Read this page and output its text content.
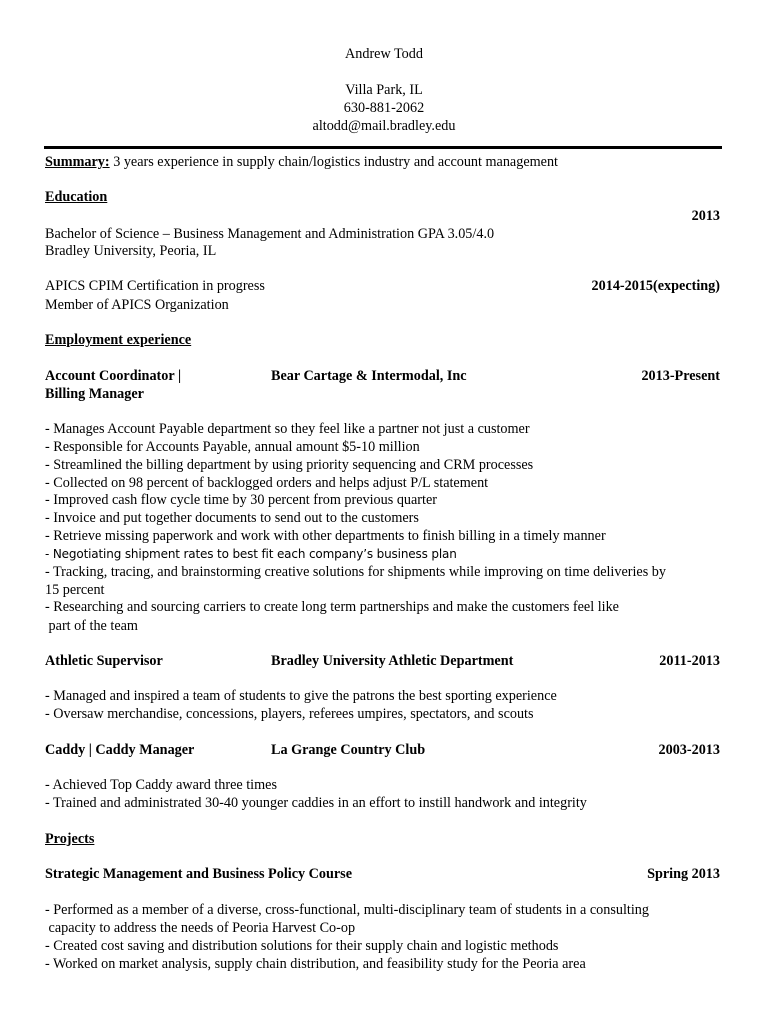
Andrew Todd
Villa Park, IL
630-881-2062
altodd@mail.bradley.edu
Summary: 3 years experience in supply chain/logistics industry and account management
Education
2013
Bachelor of Science – Business Management and Administration GPA 3.05/4.0
Bradley University, Peoria, IL
APICS CPIM Certification in progress	2014-2015(expecting)
Member of APICS Organization
Employment experience
Account Coordinator |	Bear Cartage & Intermodal, Inc	2013-Present
Billing Manager
- Manages Account Payable department so they feel like a partner not just a customer
- Responsible for Accounts Payable, annual amount $5-10 million
- Streamlined the billing department by using priority sequencing and CRM processes
- Collected on 98 percent of backlogged orders and helps adjust P/L statement
- Improved cash flow cycle time by 30 percent from previous quarter
- Invoice and put together documents to send out to the customers
- Retrieve missing paperwork and work with other departments to finish billing in a timely manner
- Negotiating shipment rates to best fit each company’s business plan
- Tracking, tracing, and brainstorming creative solutions for shipments while improving on time deliveries by
15 percent
- Researching and sourcing carriers to create long term partnerships and make the customers feel like
part of the team
Athletic Supervisor	Bradley University Athletic Department	2011-2013
- Managed and inspired a team of students to give the patrons the best sporting experience
- Oversaw merchandise, concessions, players, referees umpires, spectators, and scouts
Caddy | Caddy Manager	La Grange Country Club	2003-2013
- Achieved Top Caddy award three times
- Trained and administrated 30-40 younger caddies in an effort to instill handwork and integrity
Projects
Strategic Management and Business Policy Course	Spring 2013
- Performed as a member of a diverse, cross-functional, multi-disciplinary team of students in a consulting
capacity to address the needs of Peoria Harvest Co-op
- Created cost saving and distribution solutions for their supply chain and logistic methods
- Worked on market analysis, supply chain distribution, and feasibility study for the Peoria area
